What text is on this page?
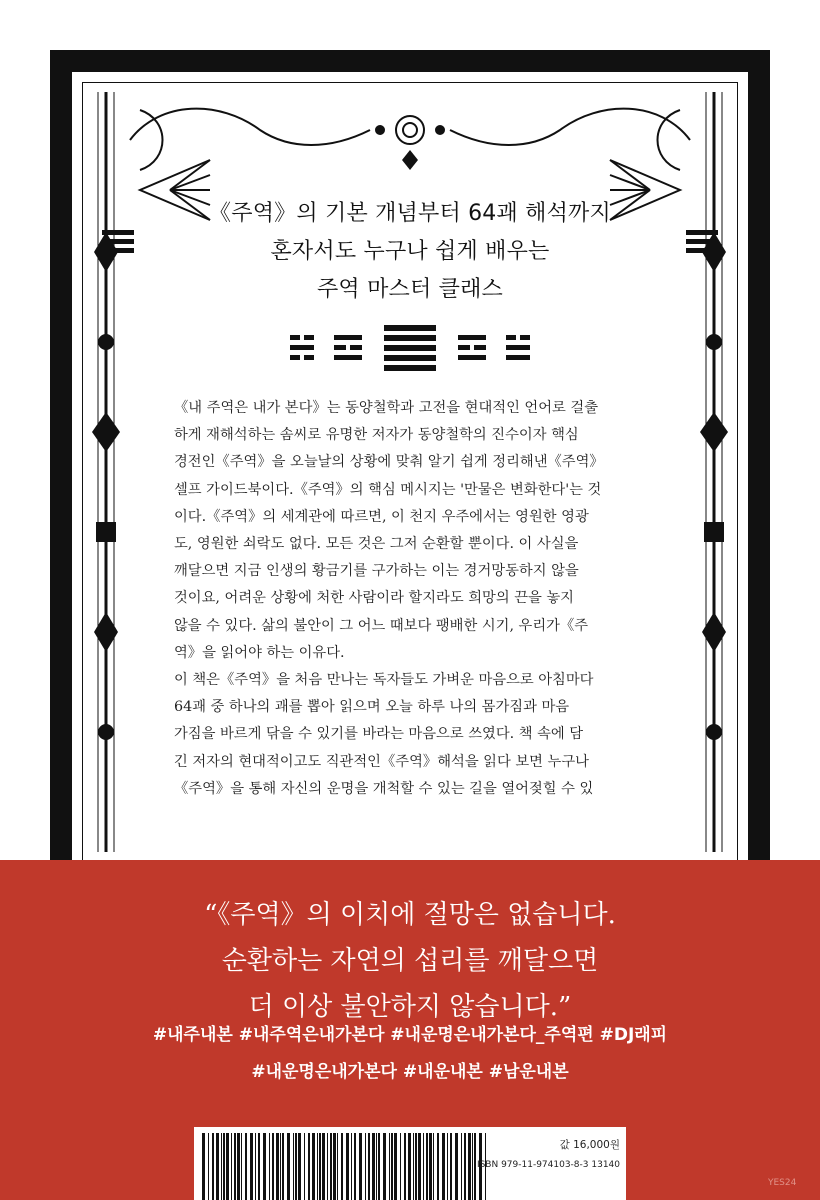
《주역》의 기본 개념부터 64괘 해석까지
혼자서도 누구나 쉽게 배우는
주역 마스터 클래스

《내 주역은 내가 본다》는 동양철학과 고전을 현대적인 언어로 걸출

하게 재해석하는 솜씨로 유명한 저자가 동양철학의 진수이자 핵심

경전인《주역》을 오늘날의 상황에 맞춰 알기 쉽게 정리해낸《주역》

셀프 가이드북이다.《주역》의 핵심 메시지는 '만물은 변화한다'는 것

이다.《주역》의 세계관에 따르면, 이 천지 우주에서는 영원한 영광

도, 영원한 쇠락도 없다. 모든 것은 그저 순환할 뿐이다. 이 사실을

깨달으면 지금 인생의 황금기를 구가하는 이는 경거망동하지 않을

것이요, 어려운 상황에 처한 사람이라 할지라도 희망의 끈을 놓지

않을 수 있다. 삶의 불안이 그 어느 때보다 팽배한 시기, 우리가《주

역》을 읽어야 하는 이유다.

이 책은《주역》을 처음 만나는 독자들도 가벼운 마음으로 아침마다

64괘 중 하나의 괘를 뽑아 읽으며 오늘 하루 나의 몸가짐과 마음

가짐을 바르게 닦을 수 있기를 바라는 마음으로 쓰였다. 책 속에 담

긴 저자의 현대적이고도 직관적인《주역》해석을 읽다 보면 누구나

《주역》을 통해 자신의 운명을 개척할 수 있는 길을 열어젖힐 수 있

“《주역》의 이치에 절망은 없습니다.
순환하는 자연의 섭리를 깨달으면
더 이상 불안하지 않습니다.”
#내주내본 #내주역은내가본다 #내운명은내가본다_주역편 #DJ래피
#내운명은내가본다 #내운내본 #남운내본
값 16,000원
ISBN 979-11-974103-8-3 13140
YES24
